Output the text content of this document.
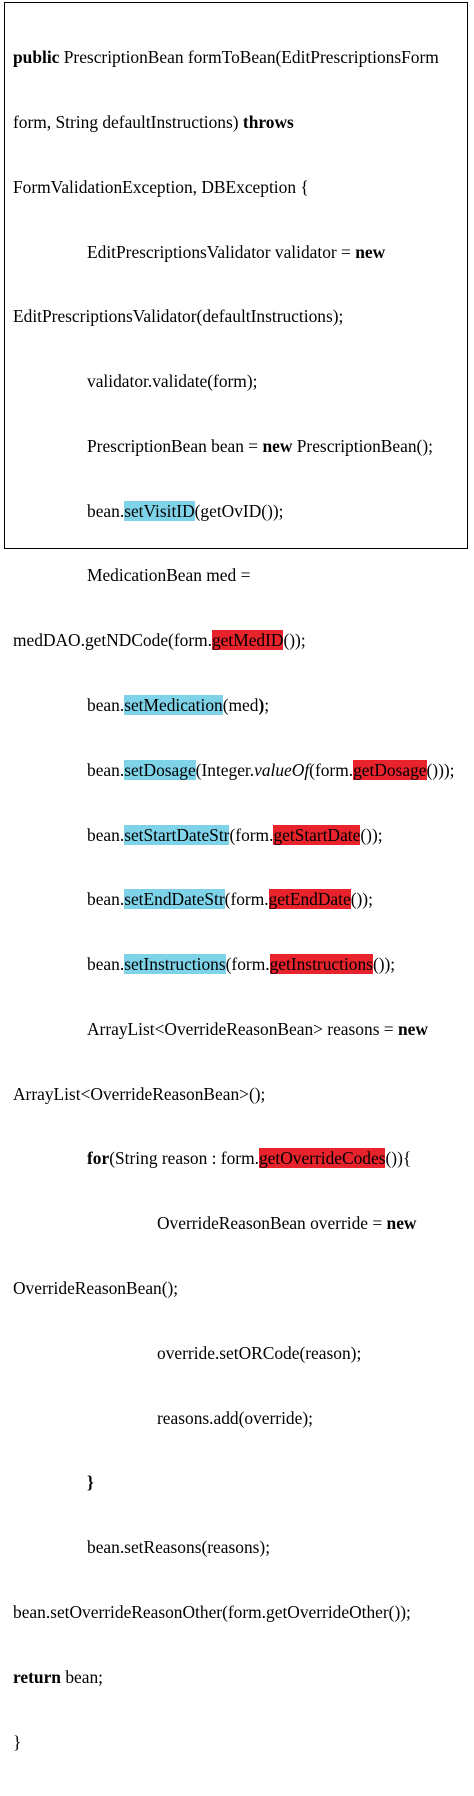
public PrescriptionBean formToBean(EditPrescriptionsForm

form, String defaultInstructions) throws

FormValidationException, DBException {

EditPrescriptionsValidator validator = new

EditPrescriptionsValidator(defaultInstructions);

validator.validate(form);

PrescriptionBean bean = new PrescriptionBean();

bean.setVisitID(getOvID());

MedicationBean med =

medDAO.getNDCode(form.getMedID());

bean.setMedication(med);

bean.setDosage(Integer.valueOf(form.getDosage()));

bean.setStartDateStr(form.getStartDate());

bean.setEndDateStr(form.getEndDate());

bean.setInstructions(form.getInstructions());

ArrayList<OverrideReasonBean> reasons = new

ArrayList<OverrideReasonBean>();

for(String reason : form.getOverrideCodes()){

OverrideReasonBean override = new

OverrideReasonBean();

override.setORCode(reason);

reasons.add(override);

}

bean.setReasons(reasons);

bean.setOverrideReasonOther(form.getOverrideOther());

return bean;

}
